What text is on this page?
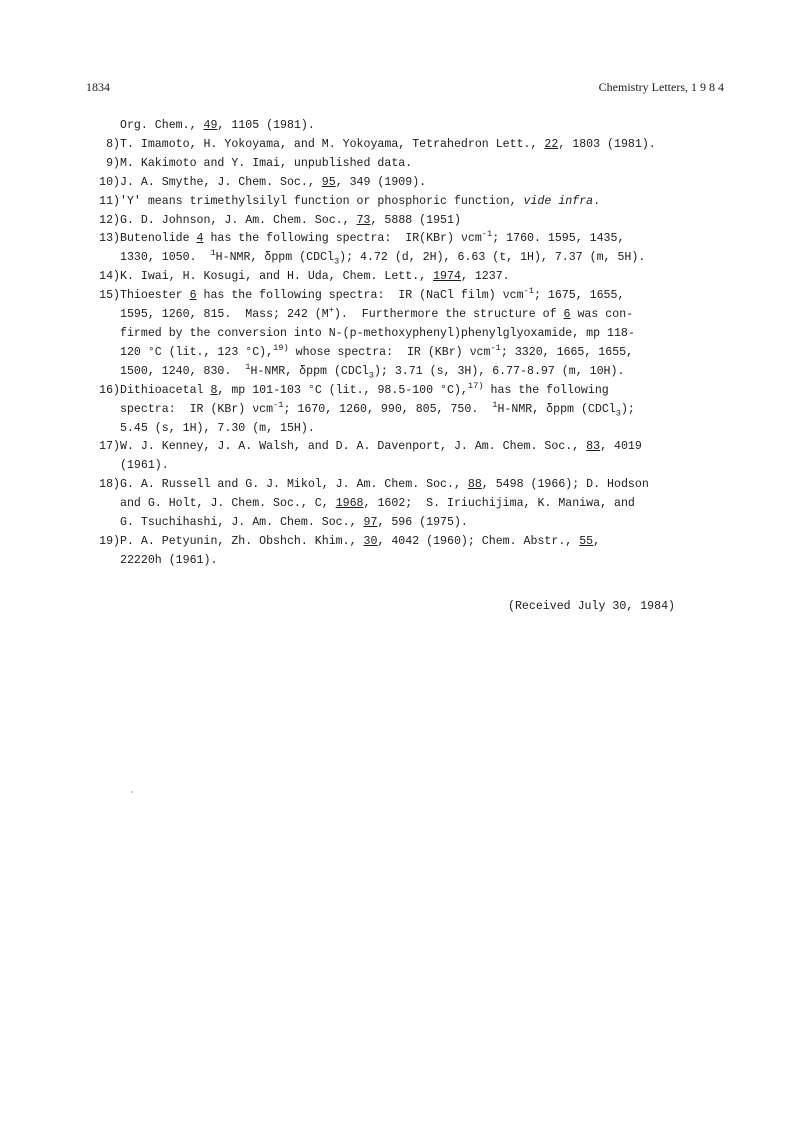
1834	Chemistry Letters, 1 9 8 4
Org. Chem., 49, 1105 (1981).
8) T. Imamoto, H. Yokoyama, and M. Yokoyama, Tetrahedron Lett., 22, 1803 (1981).
9) M. Kakimoto and Y. Imai, unpublished data.
10) J. A. Smythe, J. Chem. Soc., 95, 349 (1909).
11) 'Y' means trimethylsilyl function or phosphoric function, vide infra.
12) G. D. Johnson, J. Am. Chem. Soc., 73, 5888 (1951)
13) Butenolide 4 has the following spectra:  IR(KBr) νcm$^{-1}$; 1760. 1595, 1435,
1330, 1050.  $^1$H-NMR, δppm (CDCl$_3$); 4.72 (d, 2H), 6.63 (t, 1H), 7.37 (m, 5H).
14) K. Iwai, H. Kosugi, and H. Uda, Chem. Lett., 1974, 1237.
15) Thioester 6 has the following spectra:  IR (NaCl film) νcm$^{-1}$; 1675, 1655,
1595, 1260, 815.  Mass; 242 (M+).  Furthermore the structure of 6 was con-
firmed by the conversion into N-(p-methoxyphenyl)phenylglyoxamide, mp 118-
120 °C (lit., 123 °C),$^{19)}$ whose spectra:  IR (KBr) νcm$^{-1}$; 3320, 1665, 1655,
1500, 1240, 830.  $^1$H-NMR, δppm (CDCl$_3$); 3.71 (s, 3H), 6.77-8.97 (m, 10H).
16) Dithioacetal 8, mp 101-103 °C (lit., 98.5-100 °C),$^{17)}$ has the following
spectra:  IR (KBr) νcm$^{-1}$; 1670, 1260, 990, 805, 750.  $^1$H-NMR, δppm (CDCl$_3$);
5.45 (s, 1H), 7.30 (m, 15H).
17) W. J. Kenney, J. A. Walsh, and D. A. Davenport, J. Am. Chem. Soc., 83, 4019
(1961).
18) G. A. Russell and G. J. Mikol, J. Am. Chem. Soc., 88, 5498 (1966); D. Hodson
and G. Holt, J. Chem. Soc., C, 1968, 1602;  S. Iriuchijima, K. Maniwa, and
G. Tsuchihashi, J. Am. Chem. Soc., 97, 596 (1975).
19) P. A. Petyunin, Zh. Obshch. Khim., 30, 4042 (1960); Chem. Abstr., 55,
22220h (1961).
(Received July 30, 1984)
